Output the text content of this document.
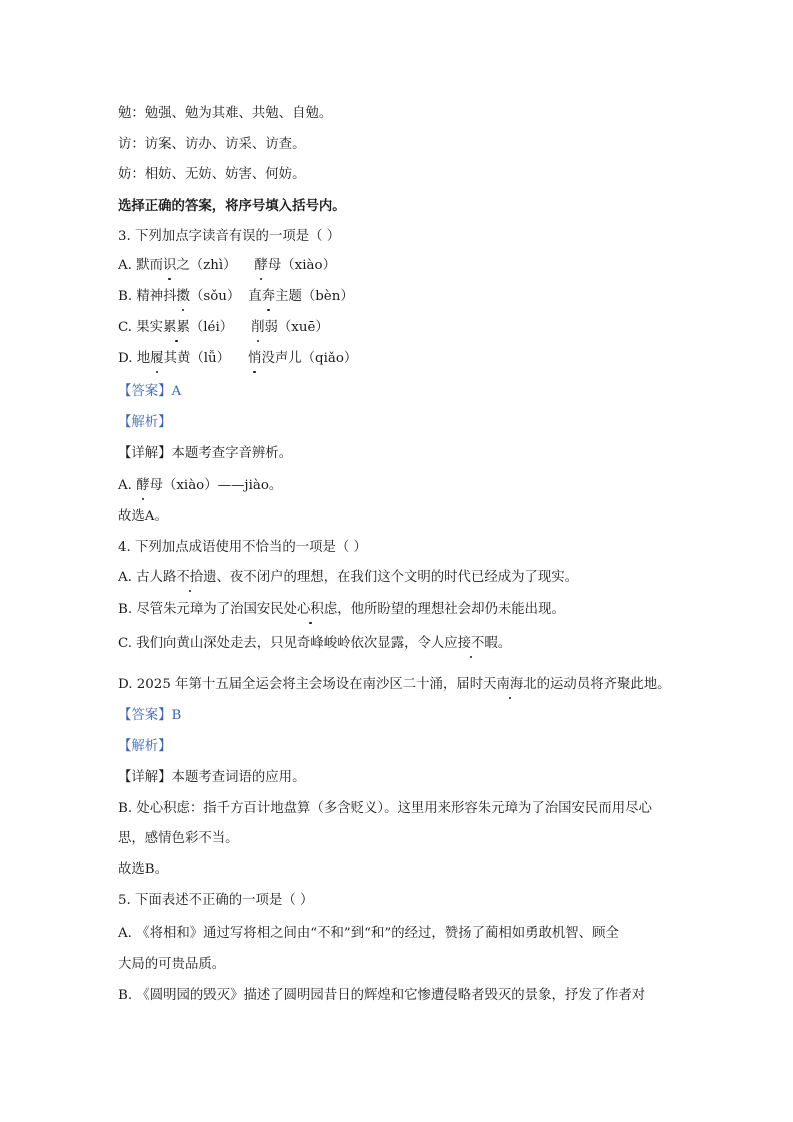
勉：勉强、勉为其难、共勉、自勉。
访：访案、访办、访采、访查。
妨：相妨、无妨、妨害、何妨。
选择正确的答案，将序号填入括号内。
3. 下列加点字读音有误的一项是（ ）
A. 默而识之（zhì） 酵母（xiào）
B. 精神抖擞（sǒu） 直奔主题（bèn）
C. 果实累累（léi） 削弱（xuē）
D. 地履其黄（lǚ） 悄没声儿（qiǎo）
【答案】A
【解析】
【详解】本题考查字音辨析。
A. 酵母（xiào）——jiào。
故选A。
4. 下列加点成语使用不恰当的一项是（ ）
A. 古人路不拾遗、夜不闭户的理想，在我们这个文明的时代已经成为了现实。
B. 尽管朱元璋为了治国安民处心积虑，他所盼望的理想社会却仍未能出现。
C. 我们向黄山深处走去，只见奇峰峻岭依次显露，令人应接不暇。
D. 2025 年第十五届全运会将主会场设在南沙区二十涌，届时天南海北的运动员将齐聚此地。
【答案】B
【解析】
【详解】本题考查词语的应用。
B. 处心积虑：指千方百计地盘算（多含贬义）。这里用来形容朱元璋为了治国安民而用尽心
思，感情色彩不当。
故选B。
5. 下面表述不正确的一项是（ ）
A. 《将相和》通过写将相之间由“不和”到“和”的经过，赞扬了蔺相如勇敢机智、顾全
大局的可贵品质。
B. 《圆明园的毁灭》描述了圆明园昔日的辉煌和它惨遭侵略者毁灭的景象，抒发了作者对
